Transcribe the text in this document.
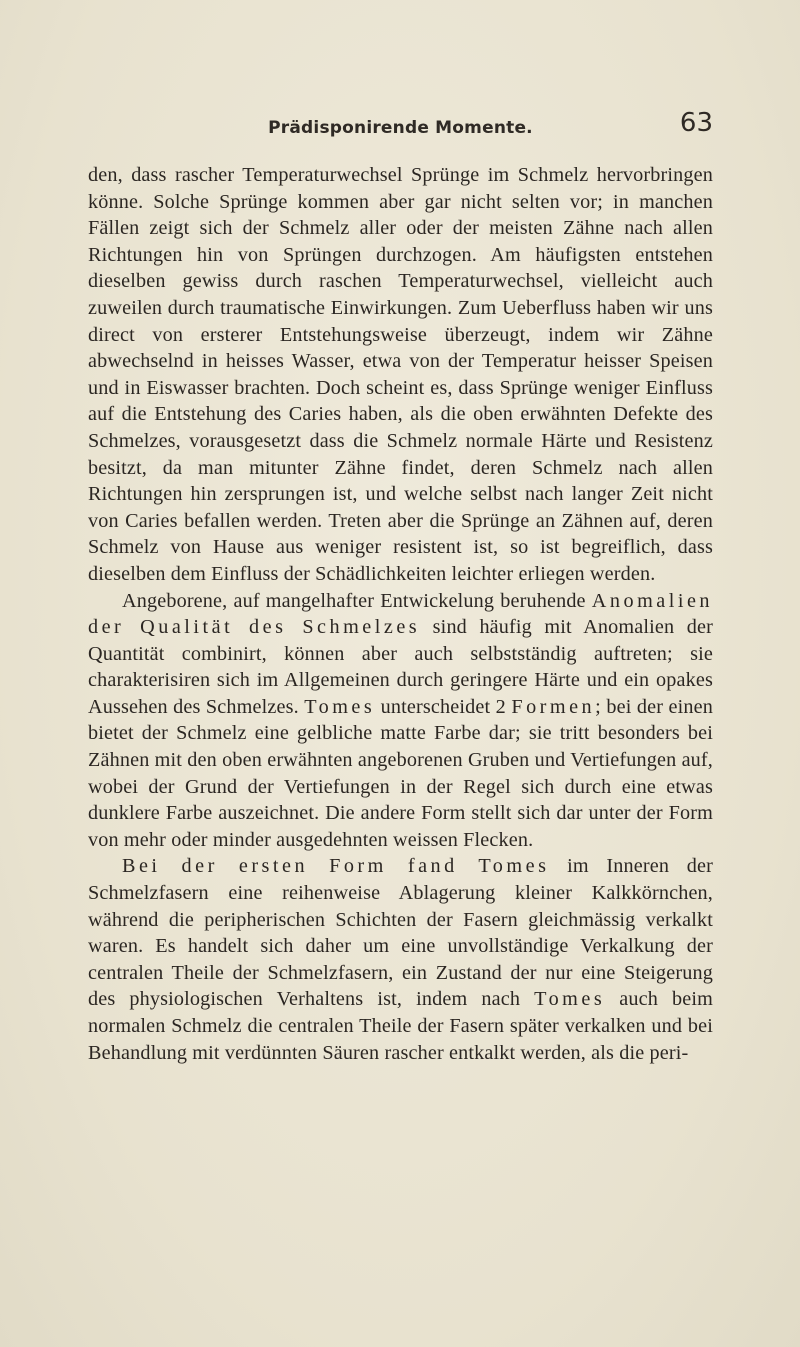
Prädisponirende Momente.	63

den, dass rascher Temperaturwechsel Sprünge im Schmelz hervorbringen könne. Solche Sprünge kommen aber gar nicht selten vor; in manchen Fällen zeigt sich der Schmelz aller oder der meisten Zähne nach allen Richtungen hin von Sprüngen durchzogen. Am häufigsten entstehen dieselben gewiss durch raschen Temperaturwechsel, vielleicht auch zuweilen durch traumatische Einwirkungen. Zum Ueberfluss haben wir uns direct von ersterer Entstehungsweise überzeugt, indem wir Zähne abwechselnd in heisses Wasser, etwa von der Temperatur heisser Speisen und in Eiswasser brachten. Doch scheint es, dass Sprünge weniger Einfluss auf die Entstehung des Caries haben, als die oben erwähnten Defekte des Schmelzes, vorausgesetzt dass die Schmelz normale Härte und Resistenz besitzt, da man mitunter Zähne findet, deren Schmelz nach allen Richtungen hin zersprungen ist, und welche selbst nach langer Zeit nicht von Caries befallen werden. Treten aber die Sprünge an Zähnen auf, deren Schmelz von Hause aus weniger resistent ist, so ist begreiflich, dass dieselben dem Einfluss der Schädlichkeiten leichter erliegen werden.

Angeborene, auf mangelhafter Entwickelung beruhende Anomalien der Qualität des Schmelzes sind häufig mit Anomalien der Quantität combinirt, können aber auch selbstständig auftreten; sie charakterisiren sich im Allgemeinen durch geringere Härte und ein opakes Aussehen des Schmelzes. Tomes unterscheidet 2 Formen; bei der einen bietet der Schmelz eine gelbliche matte Farbe dar; sie tritt besonders bei Zähnen mit den oben erwähnten angeborenen Gruben und Vertiefungen auf, wobei der Grund der Vertiefungen in der Regel sich durch eine etwas dunklere Farbe auszeichnet. Die andere Form stellt sich dar unter der Form von mehr oder minder ausgedehnten weissen Flecken.

Bei der ersten Form fand Tomes im Inneren der Schmelzfasern eine reihenweise Ablagerung kleiner Kalkkörnchen, während die peripherischen Schichten der Fasern gleichmässig verkalkt waren. Es handelt sich daher um eine unvollständige Verkalkung der centralen Theile der Schmelzfasern, ein Zustand der nur eine Steigerung des physiologischen Verhaltens ist, indem nach Tomes auch beim normalen Schmelz die centralen Theile der Fasern später verkalken und bei Behandlung mit verdünnten Säuren rascher entkalkt werden, als die peri-
